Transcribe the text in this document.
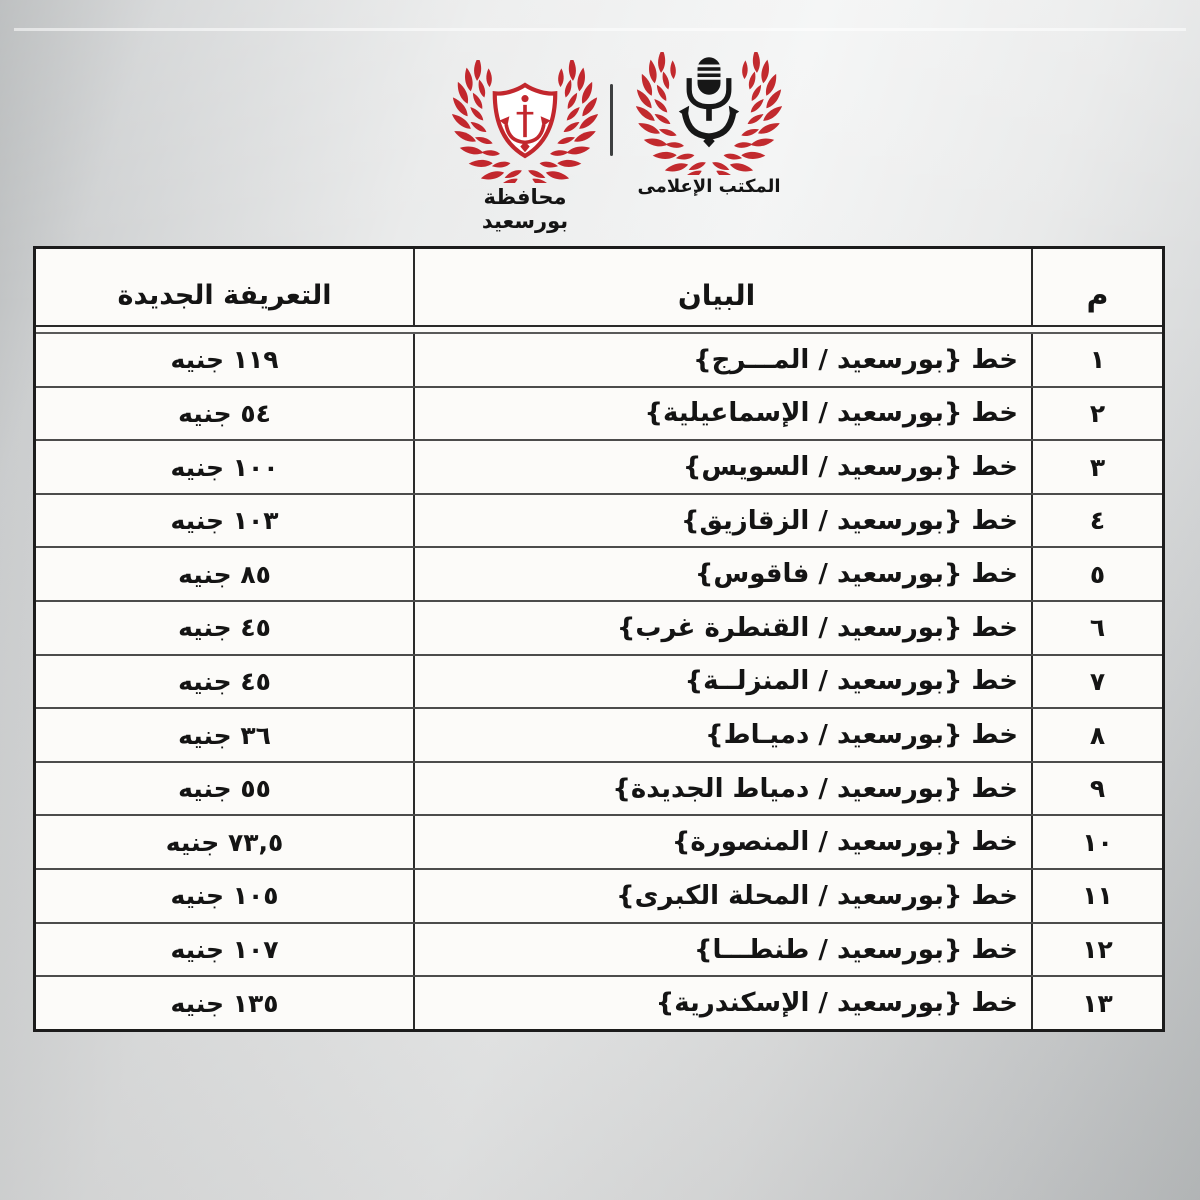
محافظة بورسعيد
المكتب الإعلامى
م
البيان
التعريفة الجديدة
١
خط {بورسعيد / المـــرج}
١١٩ جنيه
٢
خط {بورسعيد / الإسماعيلية}
٥٤ جنيه
٣
خط {بورسعيد / السويس}
١٠٠ جنيه
٤
خط {بورسعيد / الزقازيق}
١٠٣ جنيه
٥
خط {بورسعيد / فاقوس}
٨٥ جنيه
٦
خط {بورسعيد / القنطرة غرب}
٤٥ جنيه
٧
خط {بورسعيد / المنزلــة}
٤٥ جنيه
٨
خط {بورسعيد / دميـاط}
٣٦ جنيه
٩
خط {بورسعيد / دمياط الجديدة}
٥٥ جنيه
١٠
خط {بورسعيد / المنصورة}
٧٣,٥ جنيه
١١
خط {بورسعيد / المحلة الكبرى}
١٠٥ جنيه
١٢
خط {بورسعيد / طنطـــا}
١٠٧ جنيه
١٣
خط {بورسعيد / الإسكندرية}
١٣٥ جنيه
